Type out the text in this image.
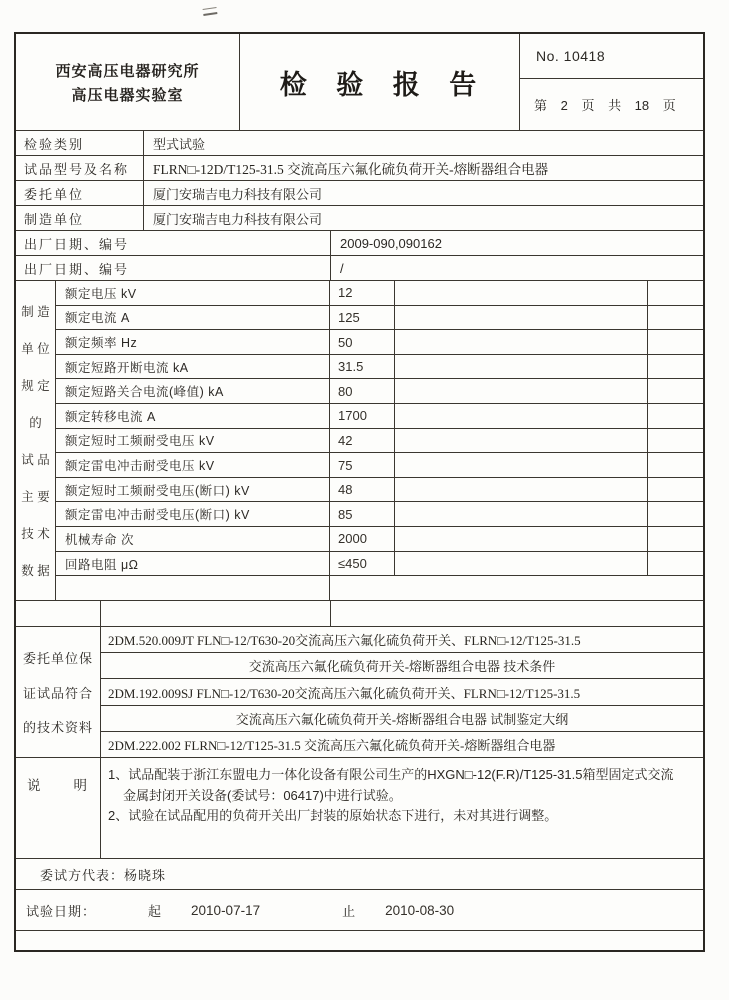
西安高压电器研究所
高压电器实验室	检 验 报 告
No. 10418
第 2 页 共 18 页
检验类别	型式试验
试品型号及名称	FLRN□-12D/T125-31.5 交流高压六氟化硫负荷开关-熔断器组合电器
委托单位	厦门安瑞吉电力科技有限公司
制造单位	厦门安瑞吉电力科技有限公司
出厂日期、编号	2009-090,090162
出厂日期、编号	/
制 造
单 位
规 定
的
试 品
主 要
技 术
数 据
额定电压 kV	12
额定电流 A	125
额定频率 Hz	50
额定短路开断电流 kA	31.5
额定短路关合电流(峰值) kA	80
额定转移电流 A	1700
额定短时工频耐受电压 kV	42
额定雷电冲击耐受电压 kV	75
额定短时工频耐受电压(断口) kV	48
额定雷电冲击耐受电压(断口) kV	85
机械寿命 次	2000
回路电阻 μΩ	≤450
委托单位保
证试品符合
的技术资料
2DM.520.009JT FLN□-12/T630-20交流高压六氟化硫负荷开关、FLRN□-12/T125-31.5
交流高压六氟化硫负荷开关-熔断器组合电器 技术条件
2DM.192.009SJ FLN□-12/T630-20交流高压六氟化硫负荷开关、FLRN□-12/T125-31.5
交流高压六氟化硫负荷开关-熔断器组合电器 试制鉴定大纲
2DM.222.002 FLRN□-12/T125-31.5 交流高压六氟化硫负荷开关-熔断器组合电器
说　　明
1、试品配装于浙江东盟电力一体化设备有限公司生产的HXGN□-12(F.R)/T125-31.5箱型固定式交流
金属封闭开关设备(委试号：06417)中进行试验。
2、试验在试品配用的负荷开关出厂封装的原始状态下进行，未对其进行调整。
委试方代表： 杨晓珠
试验日期：	起 2010-07-17	止 2010-08-30
